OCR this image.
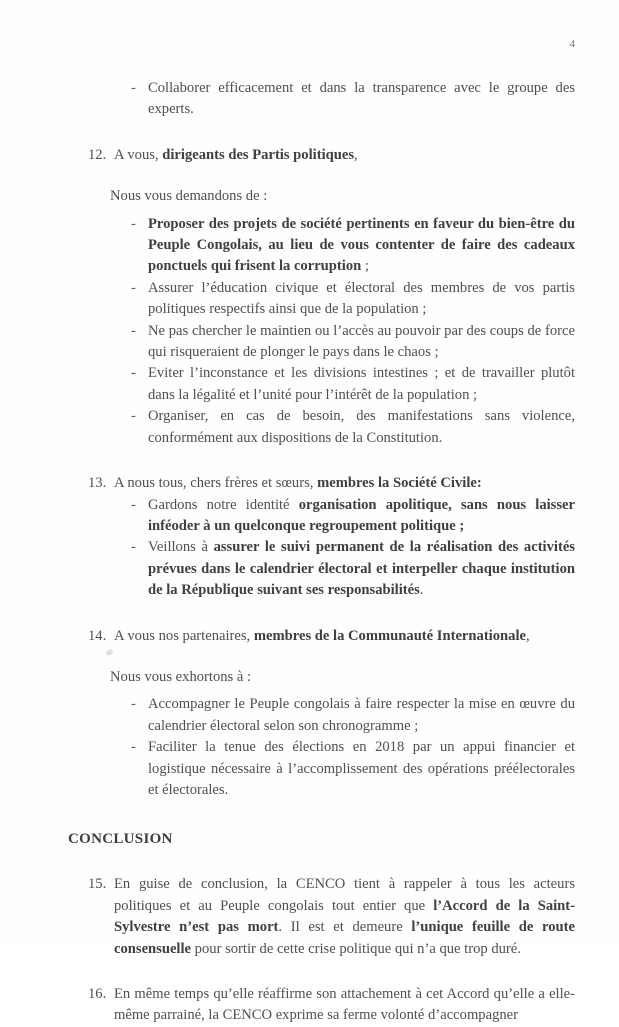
4
- Collaborer efficacement et dans la transparence avec le groupe des experts.
12. A vous, dirigeants des Partis politiques,
Nous vous demandons de :
- Proposer des projets de société pertinents en faveur du bien-être du Peuple Congolais, au lieu de vous contenter de faire des cadeaux ponctuels qui frisent la corruption ;
- Assurer l’éducation civique et électoral des membres de vos partis politiques respectifs ainsi que de la population ;
- Ne pas chercher le maintien ou l’accès au pouvoir par des coups de force qui risqueraient de plonger le pays dans le chaos ;
- Eviter l’inconstance et les divisions intestines ; et de travailler plutôt dans la légalité et l’unité pour l’intérêt de la population ;
- Organiser, en cas de besoin, des manifestations sans violence, conformément aux dispositions de la Constitution.
13. A nous tous, chers frères et sœurs, membres la Société Civile:
- Gardons notre identité organisation apolitique, sans nous laisser inféoder à un quelconque regroupement politique ;
- Veillons à assurer le suivi permanent de la réalisation des activités prévues dans le calendrier électoral et interpeller chaque institution de la République suivant ses responsabilités.
14. A vous nos partenaires, membres de la Communauté Internationale,
Nous vous exhortons à :
- Accompagner le Peuple congolais à faire respecter la mise en œuvre du calendrier électoral selon son chronogramme ;
- Faciliter la tenue des élections en 2018 par un appui financier et logistique nécessaire à l’accomplissement des opérations préélectorales et électorales.
CONCLUSION
15. En guise de conclusion, la CENCO tient à rappeler à tous les acteurs politiques et au Peuple congolais tout entier que l’Accord de la Saint-Sylvestre n’est pas mort. Il est et demeure l’unique feuille de route consensuelle pour sortir de cette crise politique qui n’a que trop duré.
16. En même temps qu’elle réaffirme son attachement à cet Accord qu’elle a elle-même parrainé, la CENCO exprime sa ferme volonté d’accompagner
